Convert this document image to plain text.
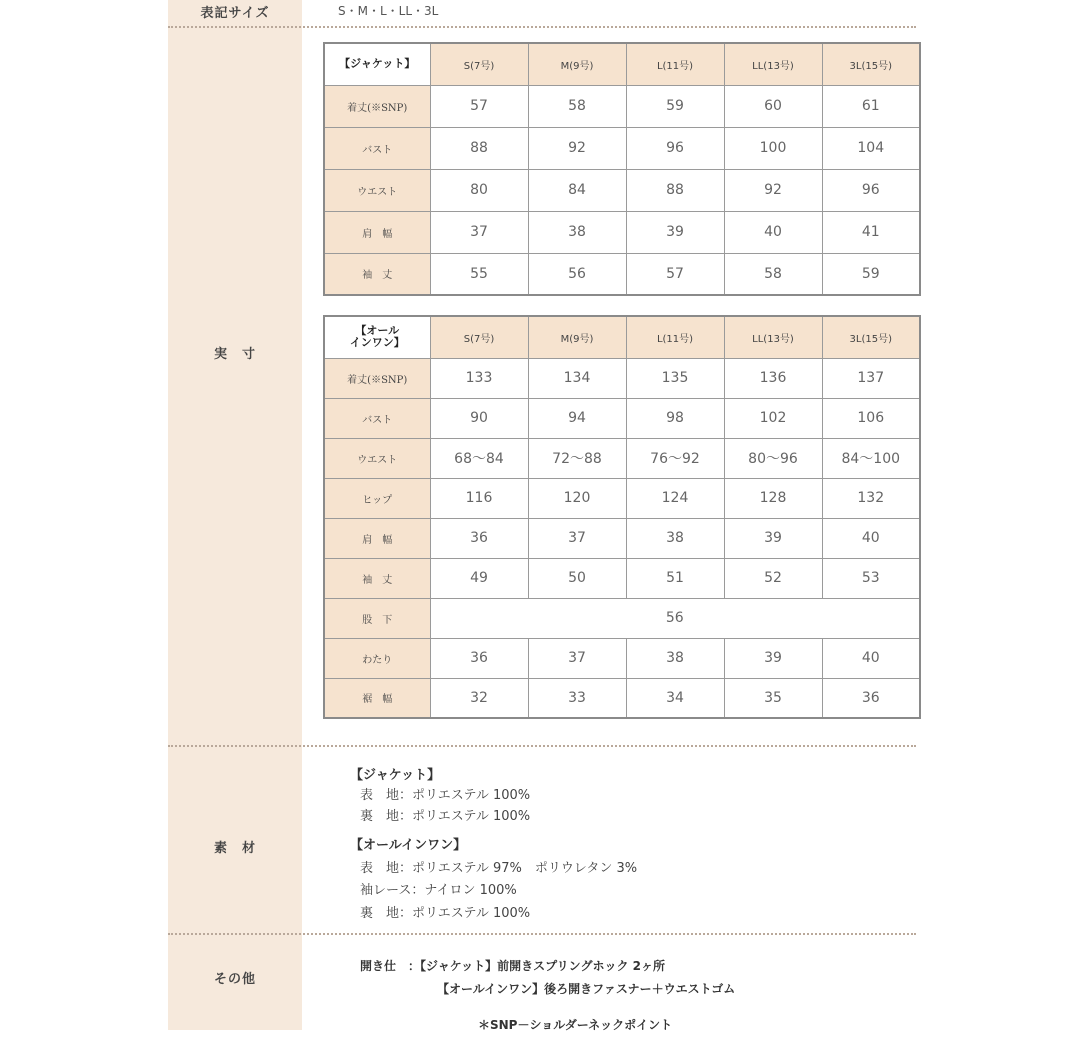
表記サイズ	S・M・L・LL・3L
実　寸
【ジャケット】	S(7号)	M(9号)	L(11号)	LL(13号)	3L(15号)
着丈(※SNP)	57	58	59	60	61
バスト	88	92	96	100	104
ウエスト	80	84	88	92	96
肩　幅	37	38	39	40	41
袖　丈	55	56	57	58	59
【オール
インワン】	S(7号)	M(9号)	L(11号)	LL(13号)	3L(15号)
着丈(※SNP)	133	134	135	136	137
バスト	90	94	98	102	106
ウエスト	68～84	72～88	76～92	80～96	84～100
ヒップ	116	120	124	128	132
肩　幅	36	37	38	39	40
袖　丈	49	50	51	52	53
股　下	56				
わたり	36	37	38	39	40
裾　幅	32	33	34	35	36
素　材
【ジャケット】
表　地：ポリエステル 100%
裏　地：ポリエステル 100%
【オールインワン】
表　地：ポリエステル 97%　ポリウレタン 3%
袖レース：ナイロン 100%
裏　地：ポリエステル 100%
その他
開き仕　：【ジャケット】前開きスプリングホック 2ヶ所
【オールインワン】後ろ開きファスナー＋ウエストゴム
＊SNP－ショルダーネックポイント
